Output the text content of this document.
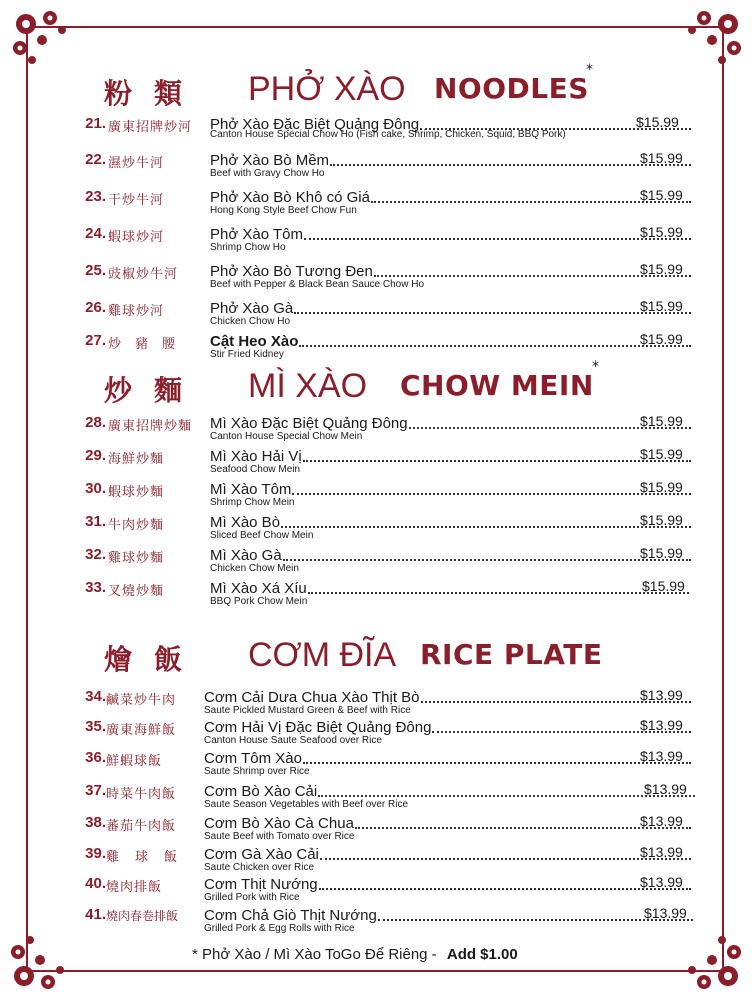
粉類 PHỞ XÀO NOODLES
*
21. 廣東招牌炒河	Phở Xào Đặc Biệt Quảng Đông	$15.99
Canton House Special Chow Ho (Fish cake, Shrimp, Chicken, Squid, BBQ Pork)
22. 濕炒牛河	Phở Xào Bò Mềm	$15.99
Beef with Gravy Chow Ho
23. 干炒牛河	Phở Xào Bò Khô có Giá	$15.99
Hong Kong Style Beef Chow Fun
24. 蝦球炒河	Phở Xào Tôm	$15.99
Shrimp Chow Ho
25. 豉椒炒牛河	Phở Xào Bò Tương Đen	$15.99
Beef with Pepper & Black Bean Sauce Chow Ho
26. 雞球炒河	Phở Xào Gà	$15.99
Chicken Chow Ho
27. 炒豬腰	Cật Heo Xào	$15.99
Stir Fried Kidney
炒麵 MÌ XÀO CHOW MEIN
*
28. 廣東招牌炒麵	Mì Xào Đặc Biệt Quảng Đông	$15.99
Canton House Special Chow Mein
29. 海鮮炒麵	Mì Xào Hải Vị	$15.99
Seafood Chow Mein
30. 蝦球炒麵	Mì Xào Tôm	$15.99
Shrimp Chow Mein
31. 牛肉炒麵	Mì Xào Bò	$15.99
Sliced Beef Chow Mein
32. 雞球炒麵	Mì Xào Gà	$15.99
Chicken Chow Mein
33. 叉燒炒麵	Mì Xào Xá Xíu	$15.99
BBQ Pork Chow Mein
燴飯 CƠM ĐĨA RICE PLATE
34. 鹹菜炒牛肉	Cơm Cải Dưa Chua Xào Thịt Bò	$13.99
Saute Pickled Mustard Green & Beef with Rice
35. 廣東海鮮飯	Cơm Hải Vị Đặc Biệt Quảng Đông	$13.99
Canton House Saute Seafood over Rice
36. 鮮蝦球飯	Cơm Tôm Xào	$13.99
Saute Shrimp over Rice
37. 時菜牛肉飯	Cơm Bò Xào Cải	$13.99
Saute Season Vegetables with Beef over Rice
38. 蕃茄牛肉飯	Cơm Bò Xào Cà Chua	$13.99
Saute Beef with Tomato over Rice
39. 雞球飯 Cơm Gà Xào Cải	$13.99
Saute Chicken over Rice
40. 燒肉排飯	Cơm Thịt Nướng	$13.99
Grilled Pork with Rice
41. 燒肉春卷排飯	Cơm Chả Giò Thịt Nướng	$13.99
Grilled Pork & Egg Rolls with Rice
* Phở Xào / Mì Xào ToGo Để Riêng - Add $1.00
